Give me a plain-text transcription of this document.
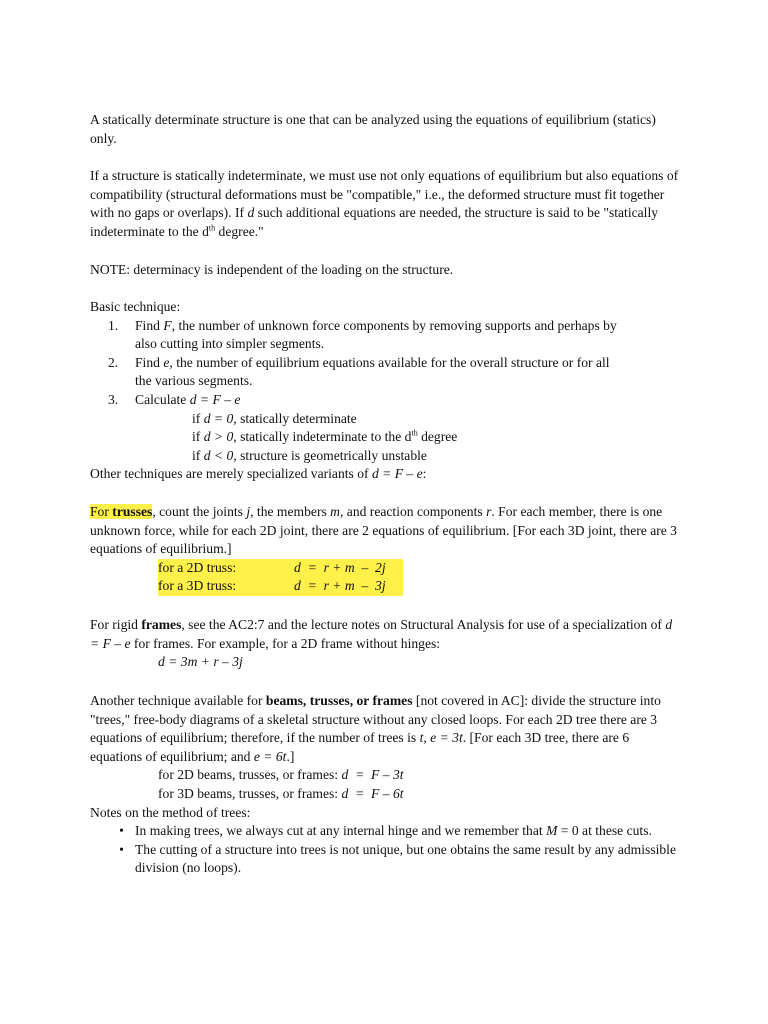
A statically determinate structure is one that can be analyzed using the equations of equilibrium (statics) only.

If a structure is statically indeterminate, we must use not only equations of equilibrium but also equations of compatibility (structural deformations must be "compatible," i.e., the deformed structure must fit together with no gaps or overlaps). If d such additional equations are needed, the structure is said to be "statically indeterminate to the $d^{th}$ degree."

NOTE: determinacy is independent of the loading on the structure.

Basic technique:
1. Find F, the number of unknown force components by removing supports and perhaps by
also cutting into simpler segments.
2. Find e, the number of equilibrium equations available for the overall structure or for all
the various segments.
3. Calculate d = F – e
if d = 0, statically determinate
if d > 0, statically indeterminate to the $d^{th}$ degree
if d < 0, structure is geometrically unstable
Other techniques are merely specialized variants of d = F – e:
For trusses, count the joints j, the members m, and reaction components r. For each member, there is one unknown force, while for each 2D joint, there are 2 equations of equilibrium. [For each 3D joint, there are 3 equations of equilibrium.]
for a 2D truss:	d  =  r + m  –  2j
for a 3D truss:	d  =  r + m  –  3j
For rigid frames, see the AC2:7 and the lecture notes on Structural Analysis for use of a specialization of d = F – e for frames. For example, for a 2D frame without hinges:
d = 3m + r – 3j
Another technique available for beams, trusses, or frames [not covered in AC]: divide the structure into "trees," free-body diagrams of a skeletal structure without any closed loops. For each 2D tree there are 3 equations of equilibrium; therefore, if the number of trees is t, e = 3t. [For each 3D tree, there are 6 equations of equilibrium; and e = 6t.]
for 2D beams, trusses, or frames: d  =  F – 3t
for 3D beams, trusses, or frames: d  =  F – 6t
Notes on the method of trees:
• In making trees, we always cut at any internal hinge and we remember that M = 0 at these cuts.
• The cutting of a structure into trees is not unique, but one obtains the same result by any admissible division (no loops).
